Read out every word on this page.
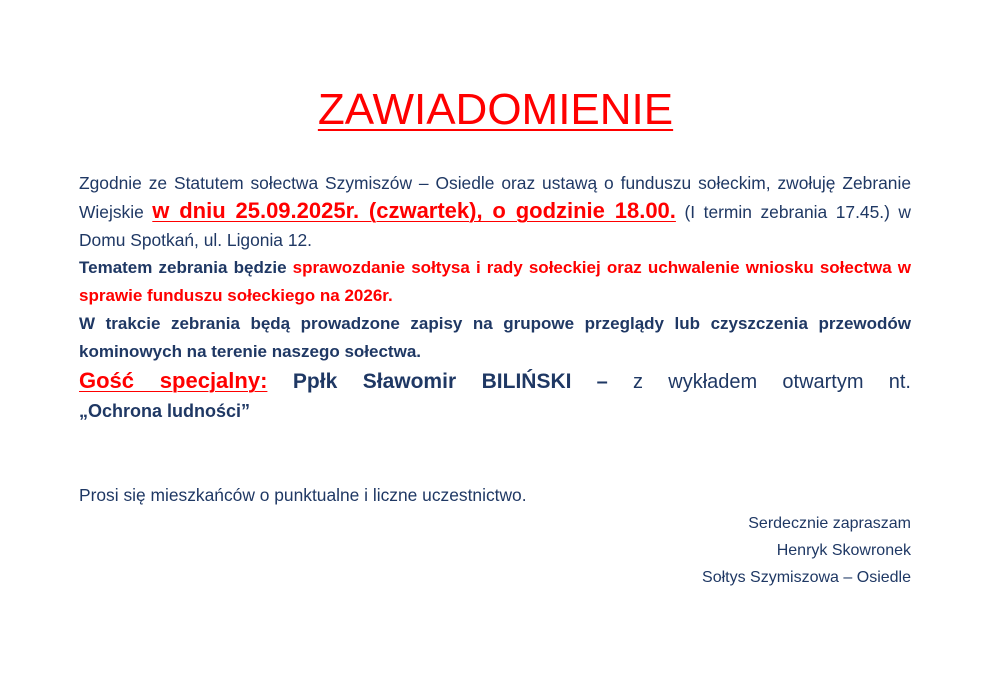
ZAWIADOMIENIE

Zgodnie ze Statutem sołectwa Szymiszów – Osiedle oraz ustawą o funduszu sołeckim, zwołuję Zebranie Wiejskie w dniu 25.09.2025r. (czwartek), o godzinie 18.00. (I termin zebrania 17.45.) w Domu Spotkań, ul. Ligonia 12.

Tematem zebrania będzie sprawozdanie sołtysa i rady sołeckiej oraz uchwalenie wniosku sołectwa w sprawie funduszu sołeckiego na 2026r.

W trakcie zebrania będą prowadzone zapisy na grupowe przeglądy lub czyszczenia przewodów kominowych na terenie naszego sołectwa.

Gość specjalny: Ppłk Sławomir BILIŃSKI – z wykładem otwartym nt.

„Ochrona ludności”

Prosi się mieszkańców o punktualne i liczne uczestnictwo.

Serdecznie zapraszam
Henryk Skowronek
Sołtys Szymiszowa – Osiedle
